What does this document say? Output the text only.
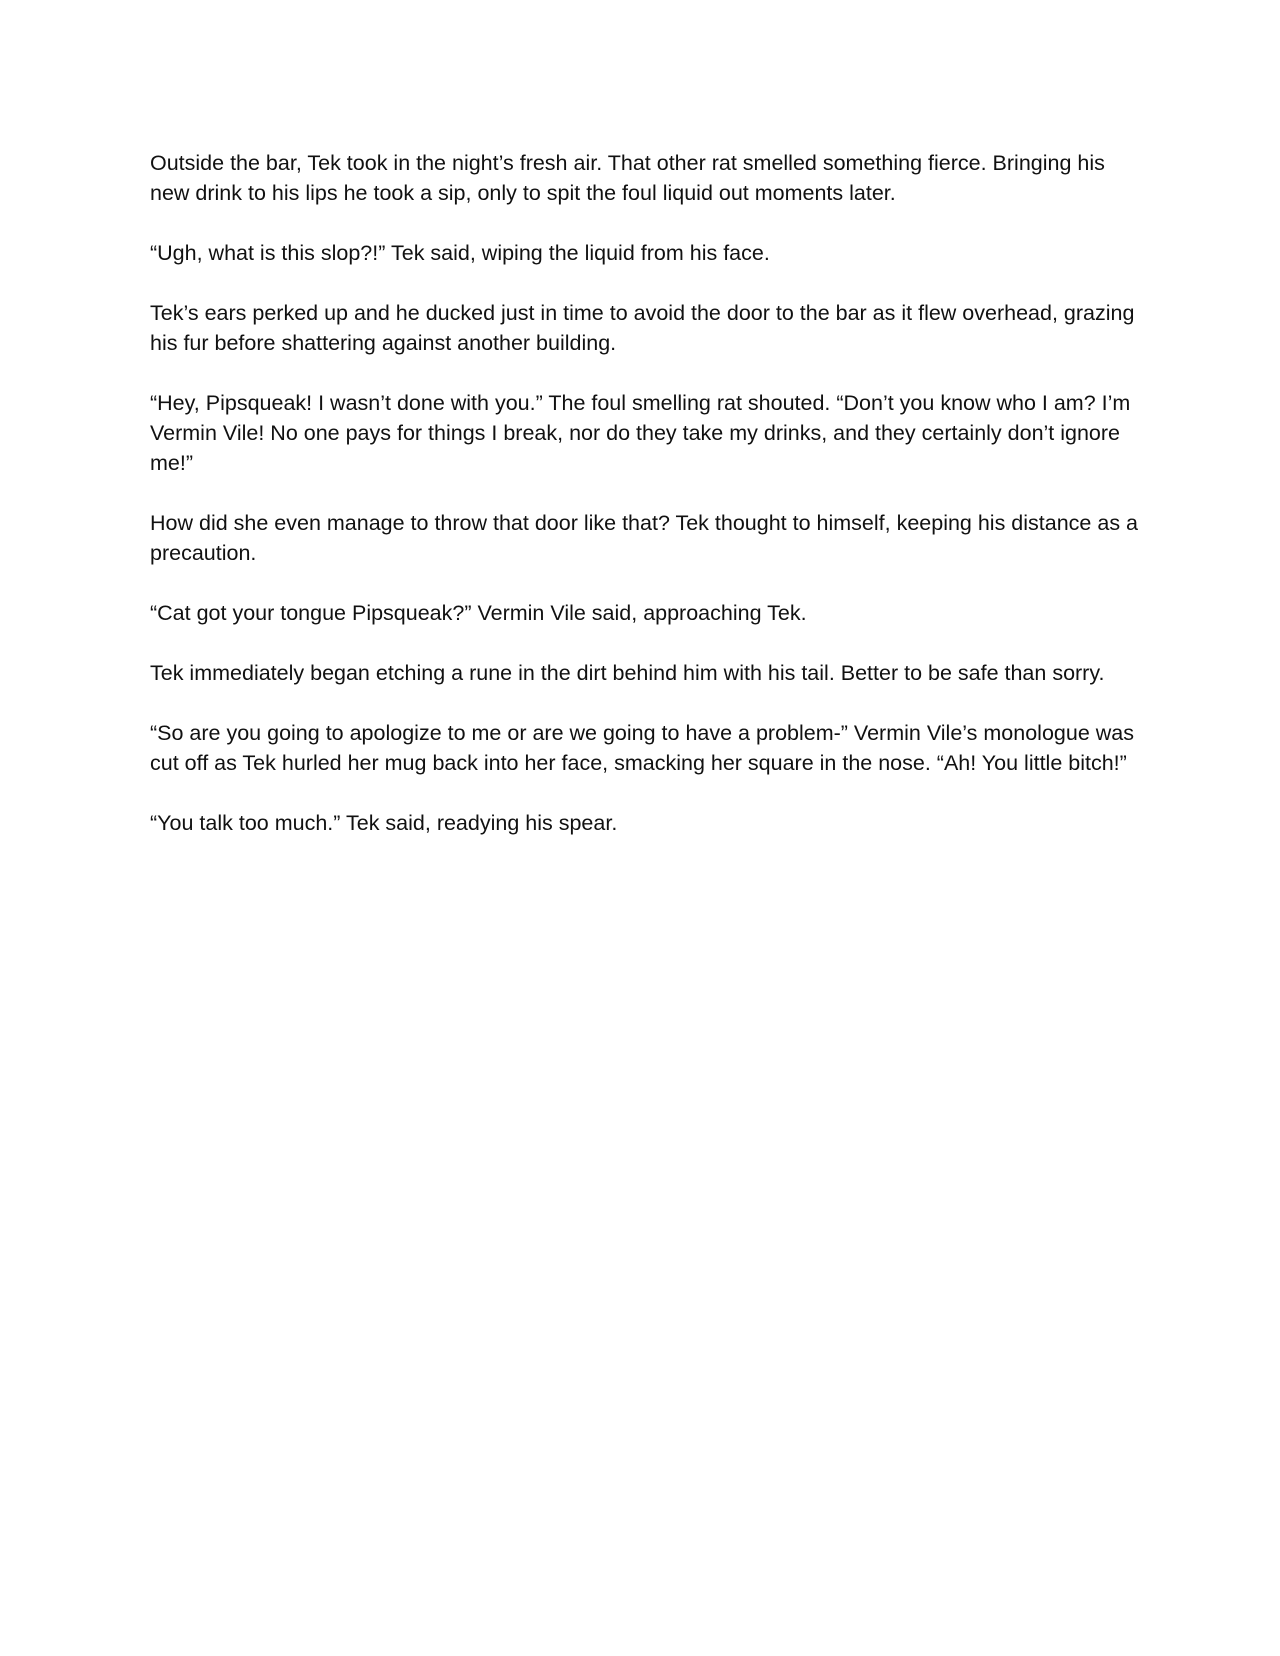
Outside the bar, Tek took in the night’s fresh air. That other rat smelled something fierce. Bringing his new drink to his lips he took a sip, only to spit the foul liquid out moments later.

“Ugh, what is this slop?!” Tek said, wiping the liquid from his face.

Tek’s ears perked up and he ducked just in time to avoid the door to the bar as it flew overhead, grazing his fur before shattering against another building.

“Hey, Pipsqueak! I wasn’t done with you.” The foul smelling rat shouted. “Don’t you know who I am? I’m Vermin Vile! No one pays for things I break, nor do they take my drinks, and they certainly don’t ignore me!”

How did she even manage to throw that door like that? Tek thought to himself, keeping his distance as a precaution.

“Cat got your tongue Pipsqueak?” Vermin Vile said, approaching Tek.

Tek immediately began etching a rune in the dirt behind him with his tail. Better to be safe than sorry.

“So are you going to apologize to me or are we going to have a problem-” Vermin Vile’s monologue was cut off as Tek hurled her mug back into her face, smacking her square in the nose. “Ah! You little bitch!”

“You talk too much.” Tek said, readying his spear.
